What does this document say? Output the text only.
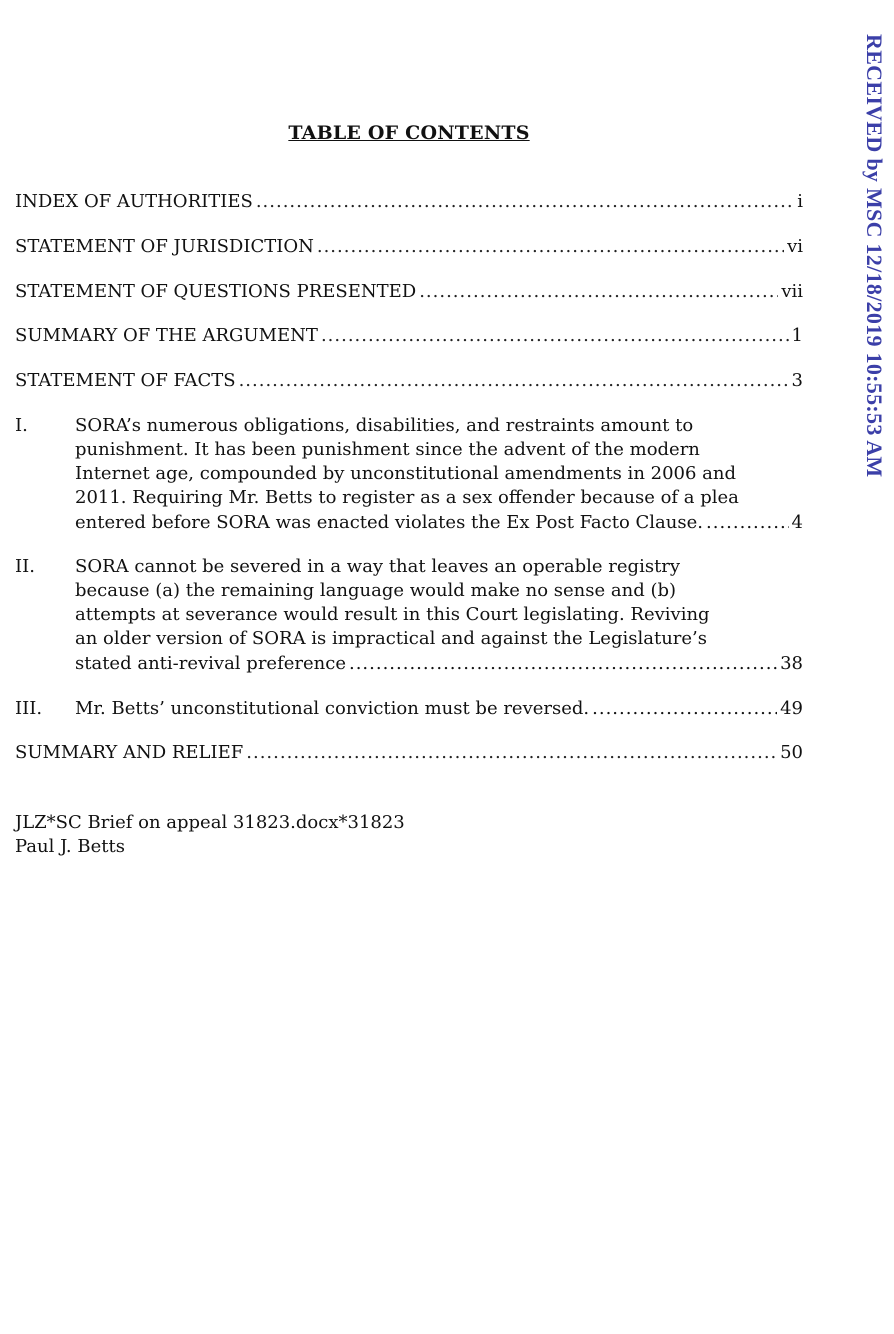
TABLE OF CONTENTS
INDEX OF AUTHORITIES .....	i
STATEMENT OF JURISDICTION .....	vi
STATEMENT OF QUESTIONS PRESENTED .....	vii
SUMMARY OF THE ARGUMENT .....	1
STATEMENT OF FACTS .....	3
I.	SORA’s numerous obligations, disabilities, and restraints amount to
punishment. It has been punishment since the advent of the modern
Internet age, compounded by unconstitutional amendments in 2006 and
2011. Requiring Mr. Betts to register as a sex offender because of a plea
entered before SORA was enacted violates the Ex Post Facto Clause. .....	4
II. SORA cannot be severed in a way that leaves an operable registry
because (a) the remaining language would make no sense and (b)
attempts at severance would result in this Court legislating. Reviving
an older version of SORA is impractical and against the Legislature’s
stated anti-revival preference .....	38
III. Mr. Betts’ unconstitutional conviction must be reversed. .....	49
SUMMARY AND RELIEF .....	50
JLZ*SC Brief on appeal 31823.docx*31823
Paul J. Betts
RECEIVED by MSC 12/18/2019 10:55:53 AM
